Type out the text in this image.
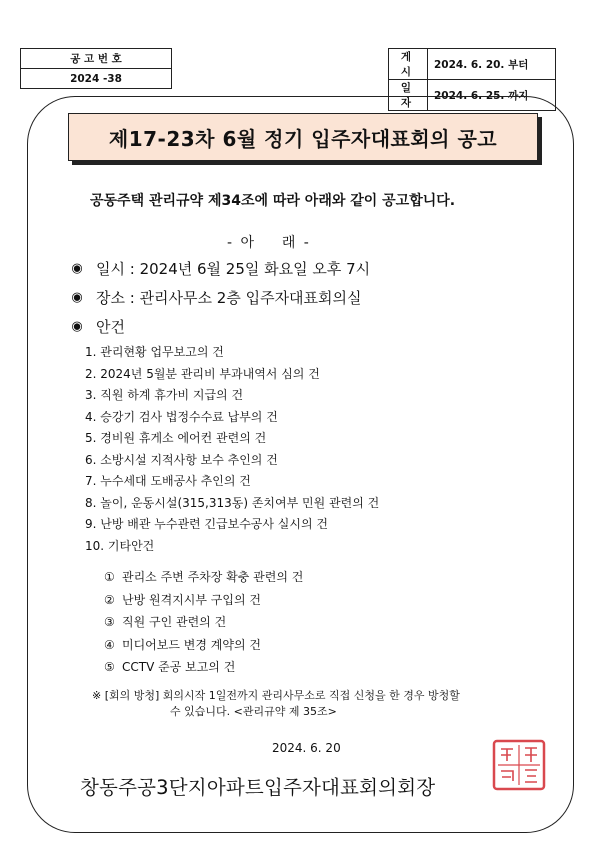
공 고 번 호
2024 -38
게 시	2024. 6. 20. 부터
일 자	2024. 6. 25. 까지
제17-23차 6월 정기 입주자대표회의 공고
공동주택 관리규약 제34조에 따라 아래와 같이 공고합니다.
- 아    래 -
◉ 일시 : 2024년 6월 25일 화요일 오후 7시
◉ 장소 : 관리사무소 2층 입주자대표회의실
◉ 안건
1. 관리현황 업무보고의 건
2. 2024년 5월분 관리비 부과내역서 심의 건
3. 직원 하계 휴가비 지급의 건
4. 승강기 검사 법정수수료 납부의 건
5. 경비원 휴게소 에어컨 관련의 건
6. 소방시설 지적사항 보수 추인의 건
7. 누수세대 도배공사 추인의 건
8. 놀이, 운동시설(315,313동) 존치여부 민원 관련의 건
9. 난방 배관 누수관련 긴급보수공사 실시의 건
10. 기타안건
① 관리소 주변 주차장 확충 관련의 건
② 난방 원격지시부 구입의 건
③ 직원 구인 관련의 건
④ 미디어보드 변경 계약의 건
⑤ CCTV 준공 보고의 건
※ [회의 방청] 회의시작 1일전까지 관리사무소로 직접 신청을 한 경우 방청할
수 있습니다. <관리규약 제 35조>
2024. 6. 20
창동주공3단지아파트입주자대표회의회장
